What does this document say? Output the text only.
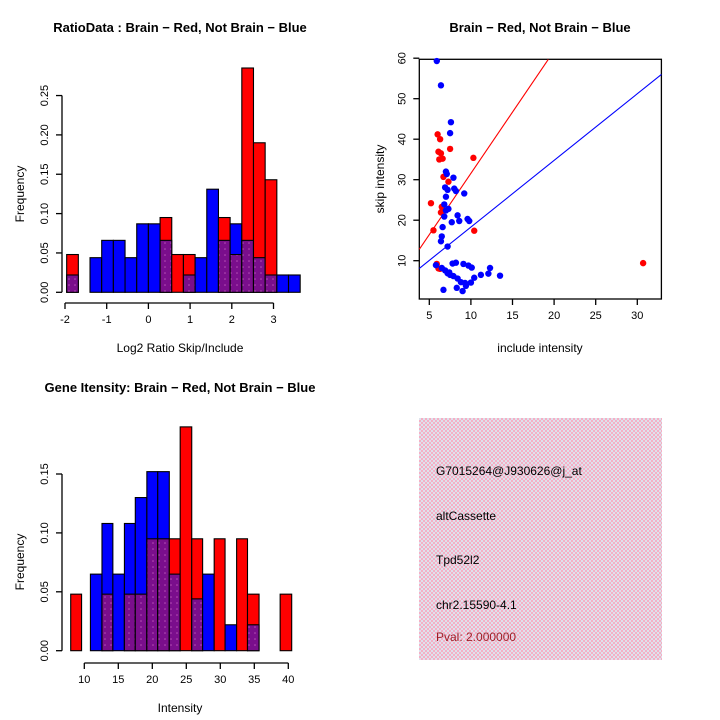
0.00
0.05
0.10
0.15
0.20
0.25
-2	-1	0	1	2	3
RatioData : Brain − Red, Not Brain − Blue
Log2 Ratio Skip/Include
Frequency
5	10	15	20	25	30
10
20
30
40
50
60
Brain − Red, Not Brain − Blue
include intensity
skip intensity
0.00
0.05
0.10
0.15
10 15 20 25 30 35 40
Gene Itensity: Brain − Red, Not Brain − Blue
Intensity
Frequency
G7015264@J930626@j_at
altCassette
Tpd52l2
chr2.15590-4.1
Pval: 2.000000
